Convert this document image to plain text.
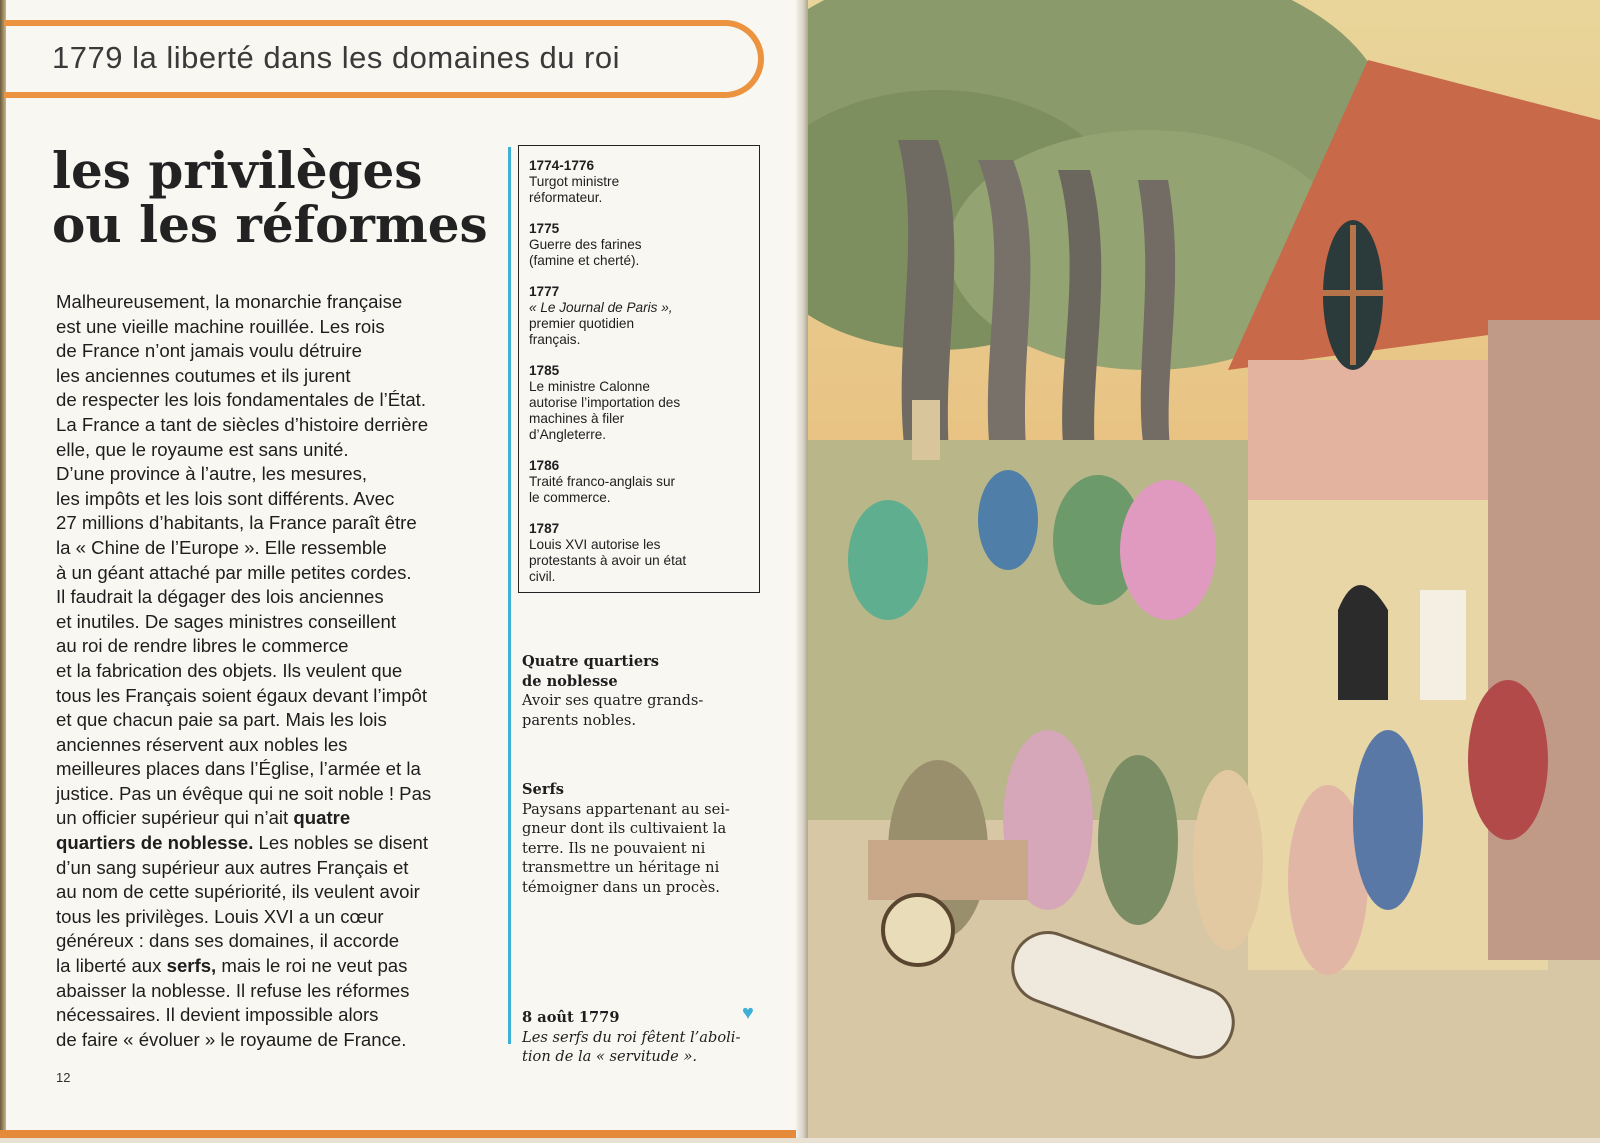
1779 la liberté dans les domaines du roi
les privilèges
ou les réformes

Malheureusement, la monarchie française

est une vieille machine rouillée. Les rois

de France n’ont jamais voulu détruire

les anciennes coutumes et ils jurent

de respecter les lois fondamentales de l’État.

La France a tant de siècles d’histoire derrière

elle, que le royaume est sans unité.

D’une province à l’autre, les mesures,

les impôts et les lois sont différents. Avec

27 millions d’habitants, la France paraît être

la « Chine de l’Europe ». Elle ressemble

à un géant attaché par mille petites cordes.

Il faudrait la dégager des lois anciennes

et inutiles. De sages ministres conseillent

au roi de rendre libres le commerce

et la fabrication des objets. Ils veulent que

tous les Français soient égaux devant l’impôt

et que chacun paie sa part. Mais les lois

anciennes réservent aux nobles les

meilleures places dans l’Église, l’armée et la

justice. Pas un évêque qui ne soit noble ! Pas

un officier supérieur qui n’ait quatre

quartiers de noblesse. Les nobles se disent

d’un sang supérieur aux autres Français et

au nom de cette supériorité, ils veulent avoir

tous les privilèges. Louis XVI a un cœur

généreux : dans ses domaines, il accorde

la liberté aux serfs, mais le roi ne veut pas

abaisser la noblesse. Il refuse les réformes

nécessaires. Il devient impossible alors

de faire « évoluer » le royaume de France.

1774-1776
Turgot ministre
réformateur.
1775
Guerre des farines
(famine et cherté).
1777
« Le Journal de Paris »,
premier quotidien
français.
1785
Le ministre Calonne
autorise l’importation des
machines à filer
d’Angleterre.
1786
Traité franco-anglais sur
le commerce.
1787
Louis XVI autorise les
protestants à avoir un état
civil.
Quatre quartiers
de noblesse
Avoir ses quatre grands-
parents nobles.
Serfs
Paysans appartenant au sei-
gneur dont ils cultivaient la
terre. Ils ne pouvaient ni
transmettre un héritage ni
témoigner dans un procès.
8 août 1779
Les serfs du roi fêtent l’aboli-
tion de la « servitude ».
♥
12
